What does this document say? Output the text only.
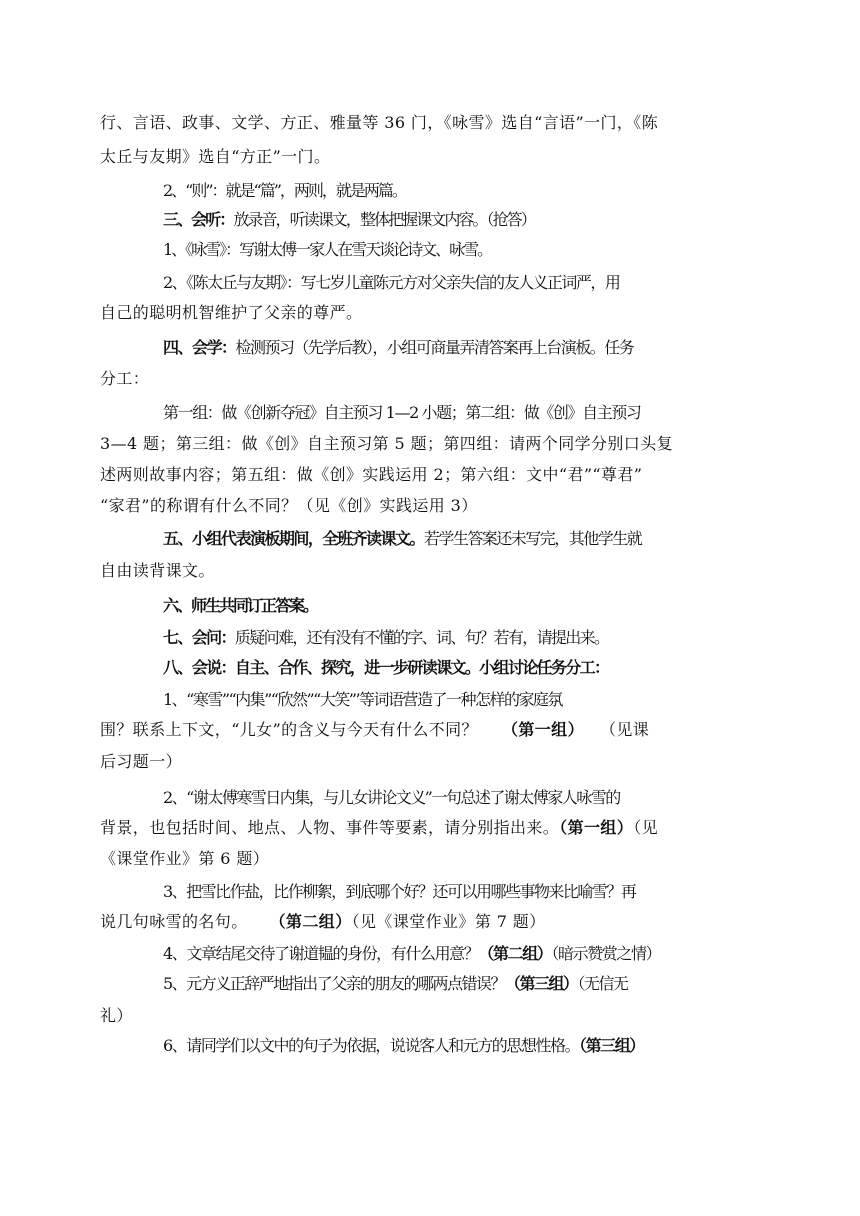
行、言语、政事、文学、方正、雅量等 36 门，《咏雪》选自“言语”一门，《陈
太丘与友期》选自“方正”一门。
2、“则”：就是“篇”，两则，就是两篇。
三、会听：放录音，听读课文，整体把握课文内容。（抢答）
1、《咏雪》：写谢太傅一家人在雪天谈论诗文、咏雪。
2、《陈太丘与友期》：写七岁儿童陈元方对父亲失信的友人义正词严，用
自己的聪明机智维护了父亲的尊严。
四、会学：检测预习（先学后教），小组可商量弄清答案再上台演板。任务
分工：
第一组：做《创新夺冠》自主预习 1—2 小题；第二组：做《创》自主预习
3—4 题；第三组：做《创》自主预习第 5 题；第四组：请两个同学分别口头复
述两则故事内容；第五组：做《创》实践运用 2；第六组：文中“君”“尊君”
“家君”的称谓有什么不同？（见《创》实践运用 3）
五、小组代表演板期间，全班齐读课文。若学生答案还未写完，其他学生就
自由读背课文。
六、师生共同订正答案。
七、会问：质疑问难，还有没有不懂的字、词、句？若有，请提出来。
八、会说：自主、合作、探究，进一步研读课文。小组讨论任务分工：
1、“寒雪”“内集”“欣然”“大笑”’等词语营造了一种怎样的家庭氛
围？联系上下文，“儿女”的含义与今天有什么不同？ （第一组） （见课
后习题一）
2、“谢太傅寒雪日内集，与儿女讲论文义”一句总述了谢太傅家人咏雪的
背景，也包括时间、地点、人物、事件等要素，请分别指出来。（第一组）（见
《课堂作业》第 6 题）
3、把雪比作盐，比作柳絮，到底哪个好？还可以用哪些事物来比喻雪？再
说几句咏雪的名句。 （第二组）（见《课堂作业》第 7 题）
4、文章结尾交待了谢道韫的身份，有什么用意？（第二组）（暗示赞赏之情）
5、元方义正辞严地指出了父亲的朋友的哪两点错误？（第三组）（无信无
礼）
6、请同学们以文中的句子为依据，说说客人和元方的思想性格。（第三组）
